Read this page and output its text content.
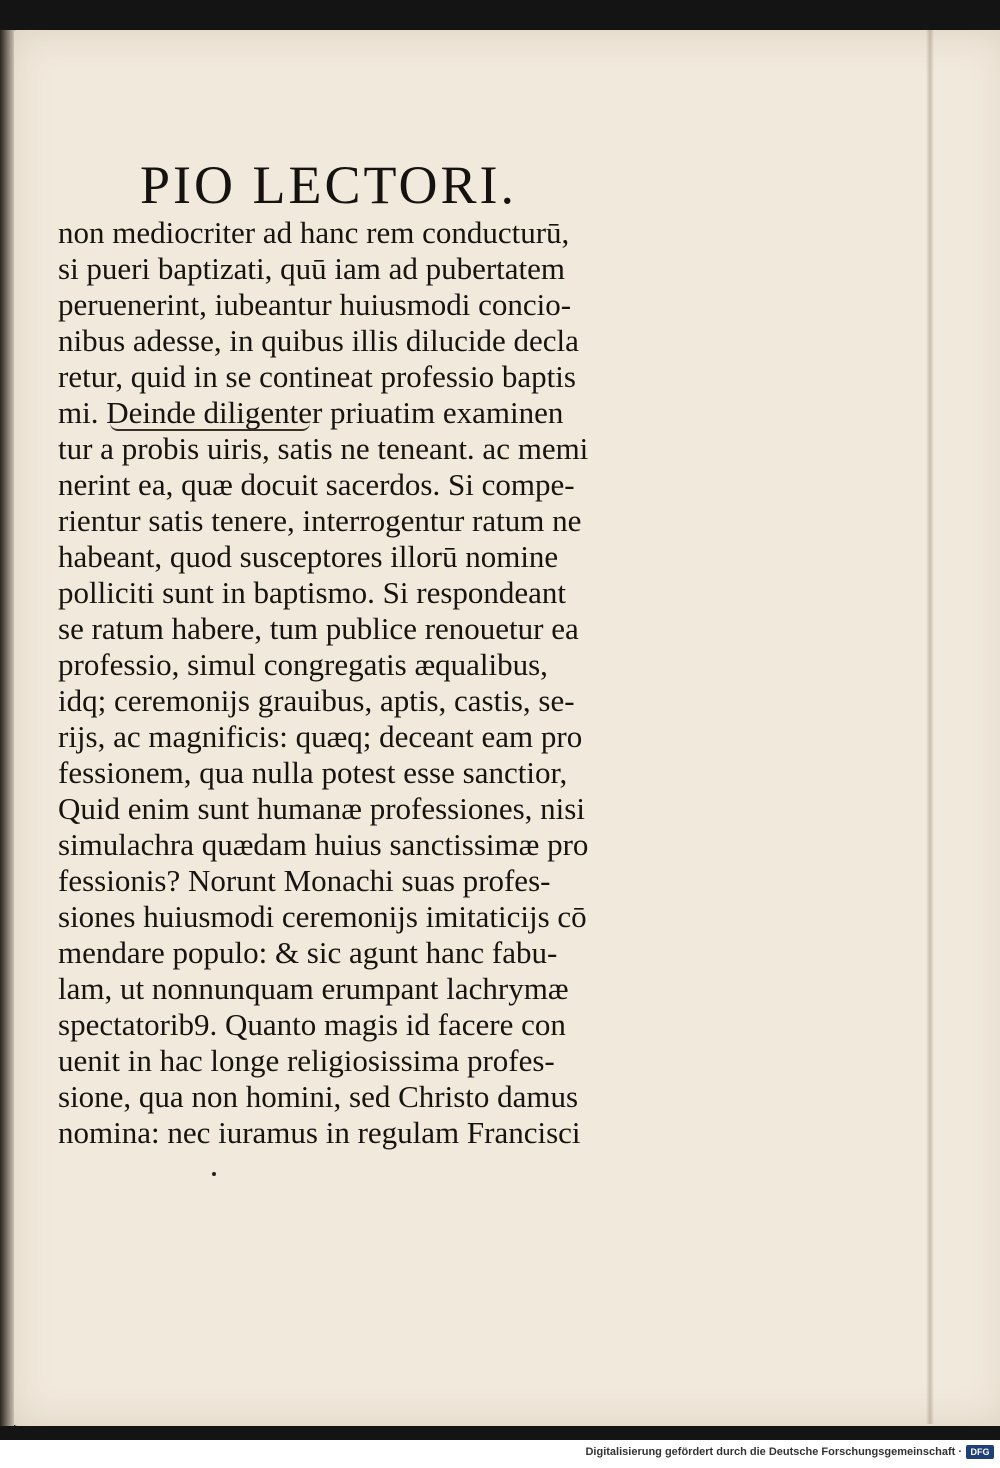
PIO LECTORI.
non mediocriter ad hanc rem conducturū,
si pueri baptizati, quū iam ad pubertatem
peruenerint, iubeantur huiusmodi concio-
nibus adesse, in quibus illis dilucide decla
retur, quid in se contineat professio baptis
mi. Deinde diligenter priuatim examinen
tur a probis uiris, satis ne teneant. ac memi
nerint ea, quæ docuit sacerdos. Si compe-
rientur satis tenere, interrogentur ratum ne
habeant, quod susceptores illorū nomine
polliciti sunt in baptismo. Si respondeant
se ratum habere, tum publice renouetur ea
professio, simul congregatis æqualibus,
idq; ceremonijs grauibus, aptis, castis, se-
rijs, ac magnificis: quæq; deceant eam pro
fessionem, qua nulla potest esse sanctior,
Quid enim sunt humanæ professiones, nisi
simulachra quædam huius sanctissimæ pro
fessionis? Norunt Monachi suas profes-
siones huiusmodi ceremonijs imitaticijs cō
mendare populo: & sic agunt hanc fabu-
lam, ut nonnunquam erumpant lachrymæ
spectatorib9. Quanto magis id facere con
uenit in hac longe religiosissima profes-
sione, qua non homini, sed Christo damus
nomina: nec iuramus in regulam Francisci
Digitalisierung gefördert durch die Deutsche Forschungsgemeinschaft · DFG
